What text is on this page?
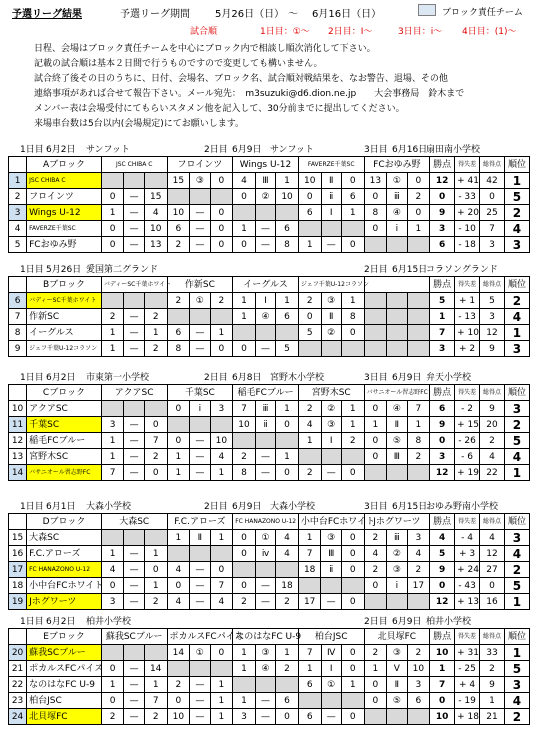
予選リーグ結果	予選リーグ期間	5月26日（日） ～ 6月16日（日）	ブロック責任チーム
試合順	1日目：①～ 2日目：Ⅰ～	3日目：ⅰ～ 4日目：(1)～
日程、会場はブロック責任チームを中心にブロック内で相談し順次消化して下さい。
記載の試合順は基本２日間で行うものですので変更しても構いません。
試合終了後その日のうちに、日付、会場名、ブロック名、試合順対戦結果を、なお警告、退場、その他
連絡事項があれば合せて報告下さい。メール宛先：　m3suzuki@d6.dion.ne.jp　　大会事務局　鈴木まで
メンバー表は会場受付にてもらいスタメン他を記入して、30分前までに提出してください。
来場車台数は5台以内(会場規定)にてお願いします。
1日目 6月2日 サンフット	2日目 6月9日 サンフット	3日目 6月16日
扇田南小学校
	Aブロック	JSC CHIBA C			フロインツ			Wings U-12			FAVERZE千葉SC			FCおゆみ野			勝点	得失差	総得点	順位
1	JSC CHIBA C				15	③	0	4	Ⅲ	1	10	Ⅱ	0	13	①	0	12	+ 41	42	1
2	フロインツ	0	—	15				0	②	10	0	ⅱ	6	0	ⅲ	2	0	- 33	0	5
3	Wings U-12	1	—	4	10	—	0				6	Ⅰ	1	8	④	0	9	+ 20	25	2
4	FAVERZE千葉SC	0	—	10	6	—	0	1	—	6				0	ⅰ	1	3	- 10	7	4
5	FCおゆみ野	0	—	13	2	—	0	0	—	8	1	—	0				6	- 18	3	3
1日目 5月26日 愛国第二グランド	2日目 6月15日
コラソングランド
	Bブロック	バディーSC千葉ホワイト			作新SC			イーグルス			ジェフ千葉U-12コラソン						勝点	得失差	総得点	順位
6	バディーSC千葉ホワイト				2	①	2	1	Ⅰ	1	2	③	1				5	+ 1	5	2
7	作新SC	2	—	2				1	④	6	0	Ⅱ	8				1	- 13	3	4
8	イーグルス	1	—	1	6	—	1				5	②	0				7	+ 10	12	1
9	ジェフ千葉U-12コラソン	1	—	2	8	—	0	0	—	5							3	+ 2	9	3
1日目 6月2日 市東第一小学校	2日目 6月8日 宮野木小学校	3日目 6月9日 弁天小学校
	Cブロック	アクアSC			千葉SC			稲毛FCブルー			宮野木SC			バサニオール習志野FC			勝点	得失差	総得点	順位
10	アクアSC				0	ⅰ	3	7	ⅲ	1	2	②	1	0	④	7	6	- 2	9	3
11	千葉SC	3	—	0				10	ⅱ	0	4	③	1	1	Ⅱ	1	9	+ 15	20	2
12	稲毛FCブルー	1	—	7	0	—	10				1	Ⅰ	2	0	⑤	8	0	- 26	2	5
13	宮野木SC	1	—	2	1	—	4	2	—	1				0	Ⅲ	2	3	- 6	4	4
14	バサニオール習志野FC	7	—	0	1	—	1	8	—	0	2	—	0				12	+ 19	22	1
1日目 6月1日 大森小学校	2日目 6月9日 大森小学校	3日目 6月15日
おゆみ野南小学校
	Dブロック	大森SC			F.C.アローズ			FC HANAZONO U-12			小中台FCホワイト			Jホグワーツ			勝点	得失差	総得点	順位
15	大森SC				1	Ⅱ	1	0	①	4	1	③	0	2	ⅲ	3	4	- 4	4	3
16	F.C.アローズ	1	—	1				0	ⅳ	4	7	Ⅲ	0	4	②	4	5	+ 3	12	4
17	FC HANAZONO U-12	4	—	0	4	—	0				18	ⅱ	0	2	③	2	9	+ 24	27	2
18	小中台FCホワイト	0	—	1	0	—	7	0	—	18				0	ⅰ	17	0	- 43	0	5
19	Jホグワーツ	3	—	2	4	—	4	2	—	2	17	—	0				12	+ 13	16	1
1日目 6月2日 柏井小学校	2日目 6月9日 柏井小学校
	Eブロック	蘇我SCブルー			ポカルスFCパイス			なのはなFC U-9			柏台JSC			北貝塚FC			勝点	得失差	総得点	順位
20	蘇我SCブルー				14	①	0	1	③	1	7	Ⅳ	0	2	③	2	10	+ 31	33	1
21	ポカルスFCパイス	0	—	14				1	④	2	1	Ⅰ	0	1	Ⅴ	10	1	- 25	2	5
22	なのはなFC U-9	1	—	1	2	—	1				6	①	1	0	Ⅱ	3	7	+ 4	9	3
23	柏台JSC	0	—	7	0	—	1	1	—	6				0	⑤	6	0	- 19	1	4
24	北貝塚FC	2	—	2	10	—	1	3	—	0	6	—	0				10	+ 18	21	2
